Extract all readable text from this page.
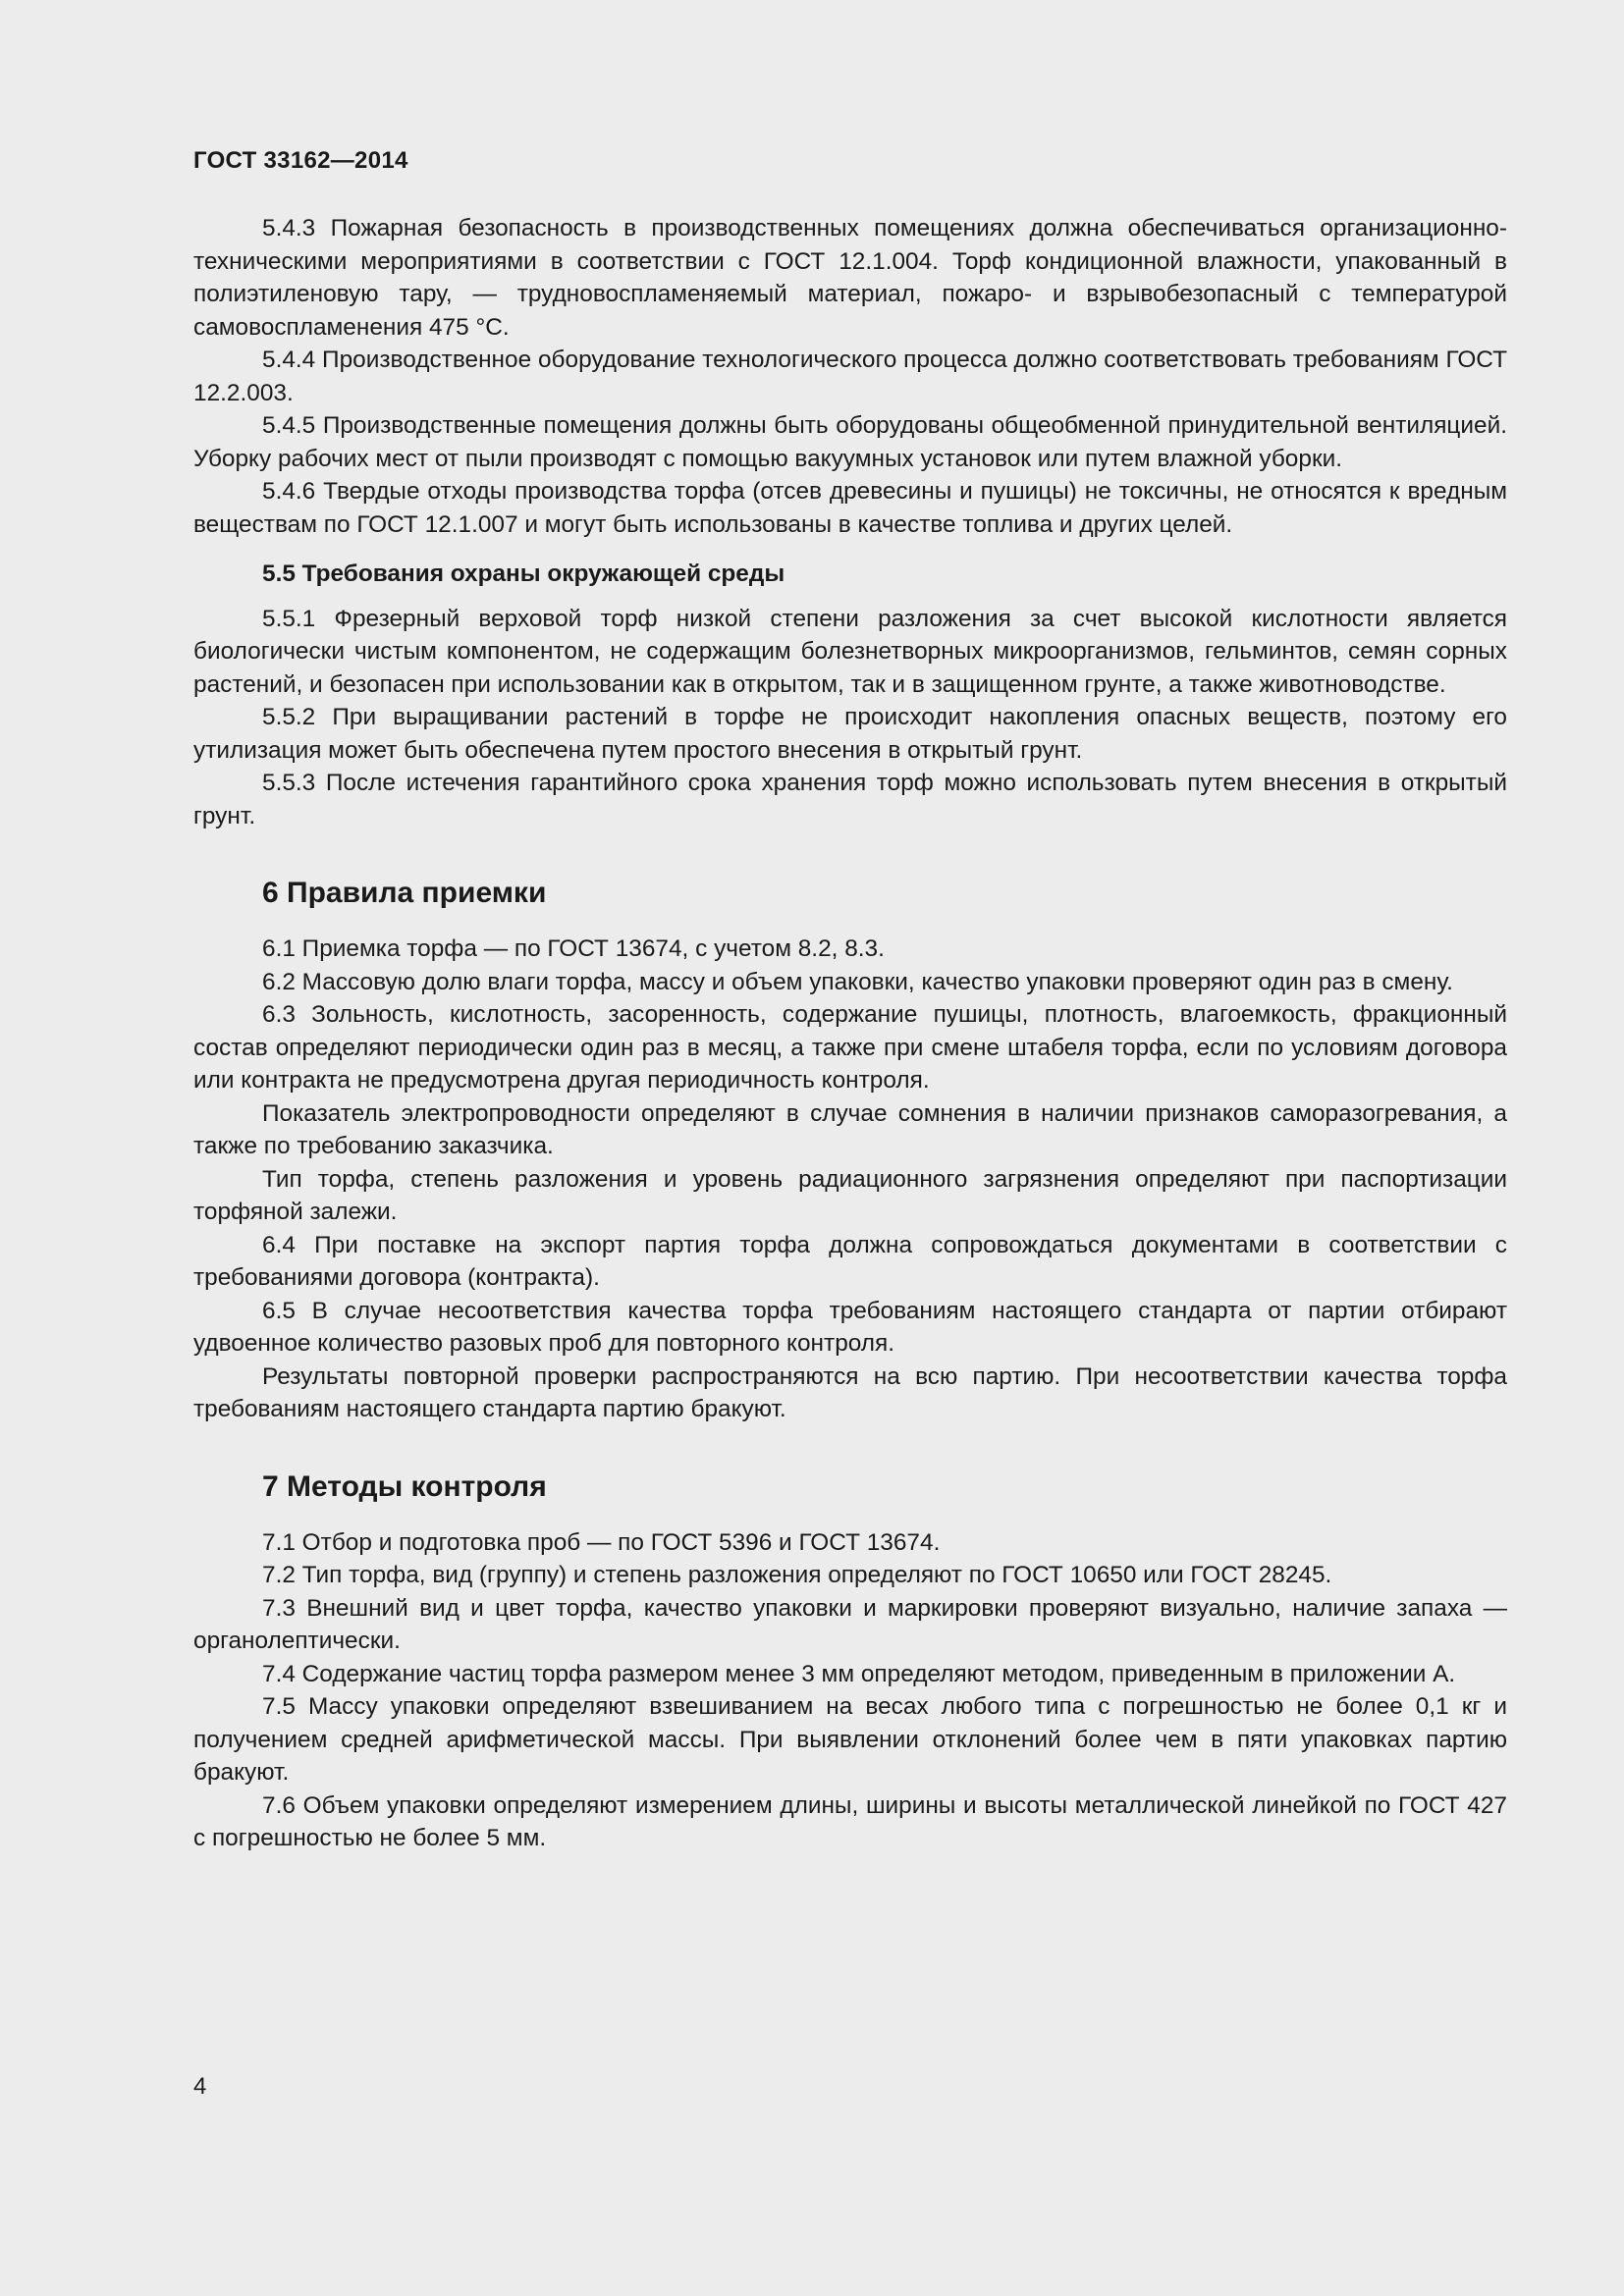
ГОСТ 33162—2014

5.4.3 Пожарная безопасность в производственных помещениях должна обеспечиваться организационно-техническими мероприятиями в соответствии с ГОСТ 12.1.004. Торф кондиционной влажности, упакованный в полиэтиленовую тару, — трудновоспламеняемый материал, пожаро- и взрывобезопасный с температурой самовоспламенения 475 °С.

5.4.4 Производственное оборудование технологического процесса должно соответствовать требованиям ГОСТ 12.2.003.

5.4.5 Производственные помещения должны быть оборудованы общеобменной принудительной вентиляцией. Уборку рабочих мест от пыли производят с помощью вакуумных установок или путем влажной уборки.

5.4.6 Твердые отходы производства торфа (отсев древесины и пушицы) не токсичны, не относятся к вредным веществам по ГОСТ 12.1.007 и могут быть использованы в качестве топлива и других целей.

5.5 Требования охраны окружающей среды

5.5.1 Фрезерный верховой торф низкой степени разложения за счет высокой кислотности является биологически чистым компонентом, не содержащим болезнетворных микроорганизмов, гельминтов, семян сорных растений, и безопасен при использовании как в открытом, так и в защищенном грунте, а также животноводстве.

5.5.2 При выращивании растений в торфе не происходит накопления опасных веществ, поэтому его утилизация может быть обеспечена путем простого внесения в открытый грунт.

5.5.3 После истечения гарантийного срока хранения торф можно использовать путем внесения в открытый грунт.

6 Правила приемки

6.1 Приемка торфа — по ГОСТ 13674, с учетом 8.2, 8.3.

6.2 Массовую долю влаги торфа, массу и объем упаковки, качество упаковки проверяют один раз в смену.

6.3 Зольность, кислотность, засоренность, содержание пушицы, плотность, влагоемкость, фракционный состав определяют периодически один раз в месяц, а также при смене штабеля торфа, если по условиям договора или контракта не предусмотрена другая периодичность контроля.

Показатель электропроводности определяют в случае сомнения в наличии признаков саморазогревания, а также по требованию заказчика.

Тип торфа, степень разложения и уровень радиационного загрязнения определяют при паспортизации торфяной залежи.

6.4 При поставке на экспорт партия торфа должна сопровождаться документами в соответствии с требованиями договора (контракта).

6.5 В случае несоответствия качества торфа требованиям настоящего стандарта от партии отбирают удвоенное количество разовых проб для повторного контроля.

Результаты повторной проверки распространяются на всю партию. При несоответствии качества торфа требованиям настоящего стандарта партию бракуют.

7 Методы контроля

7.1 Отбор и подготовка проб — по ГОСТ 5396 и ГОСТ 13674.

7.2 Тип торфа, вид (группу) и степень разложения определяют по ГОСТ 10650 или ГОСТ 28245.

7.3 Внешний вид и цвет торфа, качество упаковки и маркировки проверяют визуально, наличие запаха — органолептически.

7.4 Содержание частиц торфа размером менее 3 мм определяют методом, приведенным в приложении А.

7.5 Массу упаковки определяют взвешиванием на весах любого типа с погрешностью не более 0,1 кг и получением средней арифметической массы. При выявлении отклонений более чем в пяти упаковках партию бракуют.

7.6 Объем упаковки определяют измерением длины, ширины и высоты металлической линейкой по ГОСТ 427 с погрешностью не более 5 мм.

4
